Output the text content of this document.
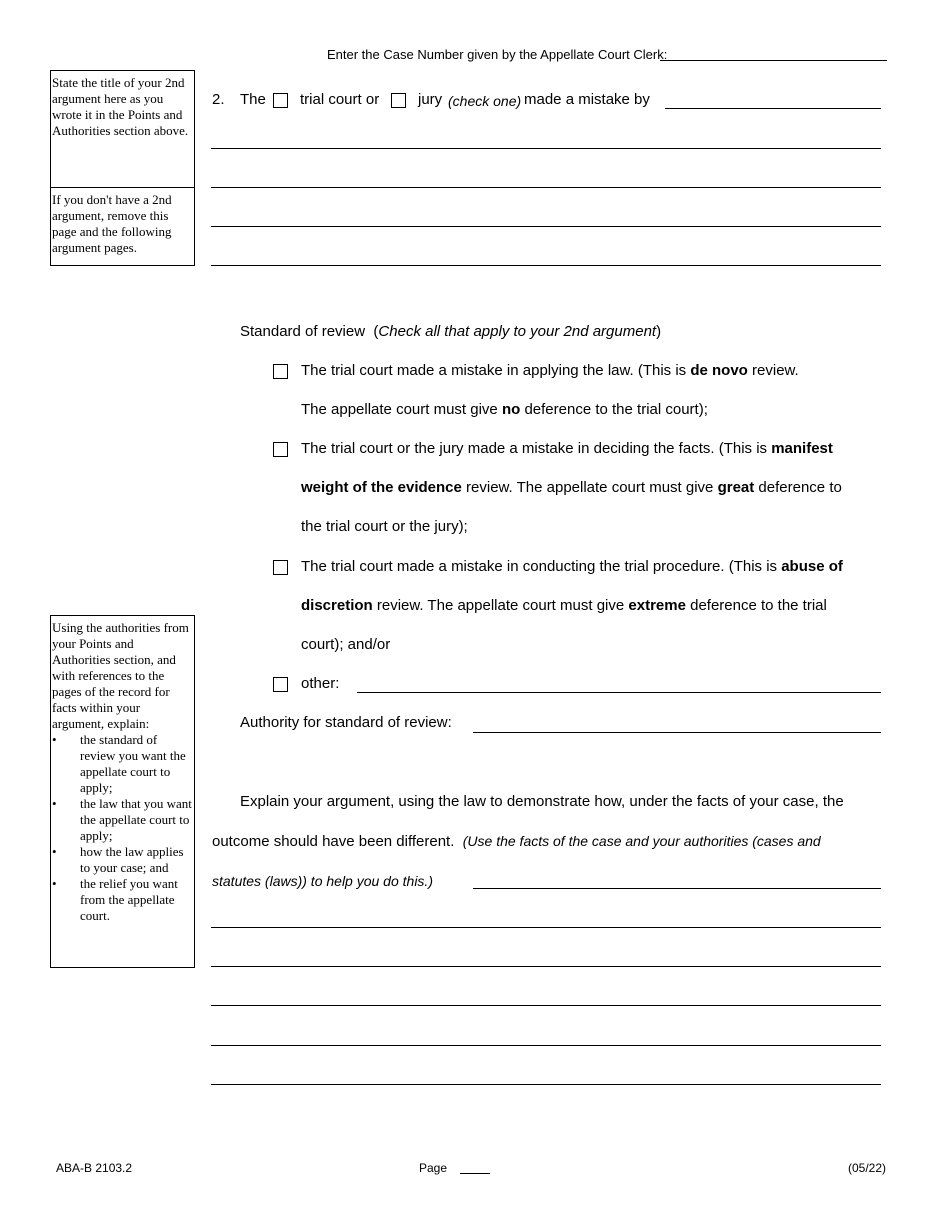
Enter the Case Number given by the Appellate Court Clerk:
State the title of your 2nd argument here as you wrote it in the Points and Authorities section above.
If you don't have a 2nd argument, remove this page and the following argument pages.
Using the authorities from your Points and Authorities section, and with references to the pages of the record for facts within your argument, explain:
• the standard of review you want the appellate court to apply;
• the law that you want the appellate court to apply;
• how the law applies to your case; and
• the relief you want from the appellate court.
2. The trial court or	jury (check one) made a mistake by
Standard of review (Check all that apply to your 2nd argument)
The trial court made a mistake in applying the law. (This is de novo review.
The appellate court must give no deference to the trial court);
The trial court or the jury made a mistake in deciding the facts. (This is manifest
weight of the evidence review. The appellate court must give great deference to
the trial court or the jury);
The trial court made a mistake in conducting the trial procedure. (This is abuse of
discretion review. The appellate court must give extreme deference to the trial
court); and/or
other:
Authority for standard of review:
Explain your argument, using the law to demonstrate how, under the facts of your case, the
outcome should have been different. (Use the facts of the case and your authorities (cases and
statutes (laws)) to help you do this.)
ABA-B 2103.2	Page	(05/22)
